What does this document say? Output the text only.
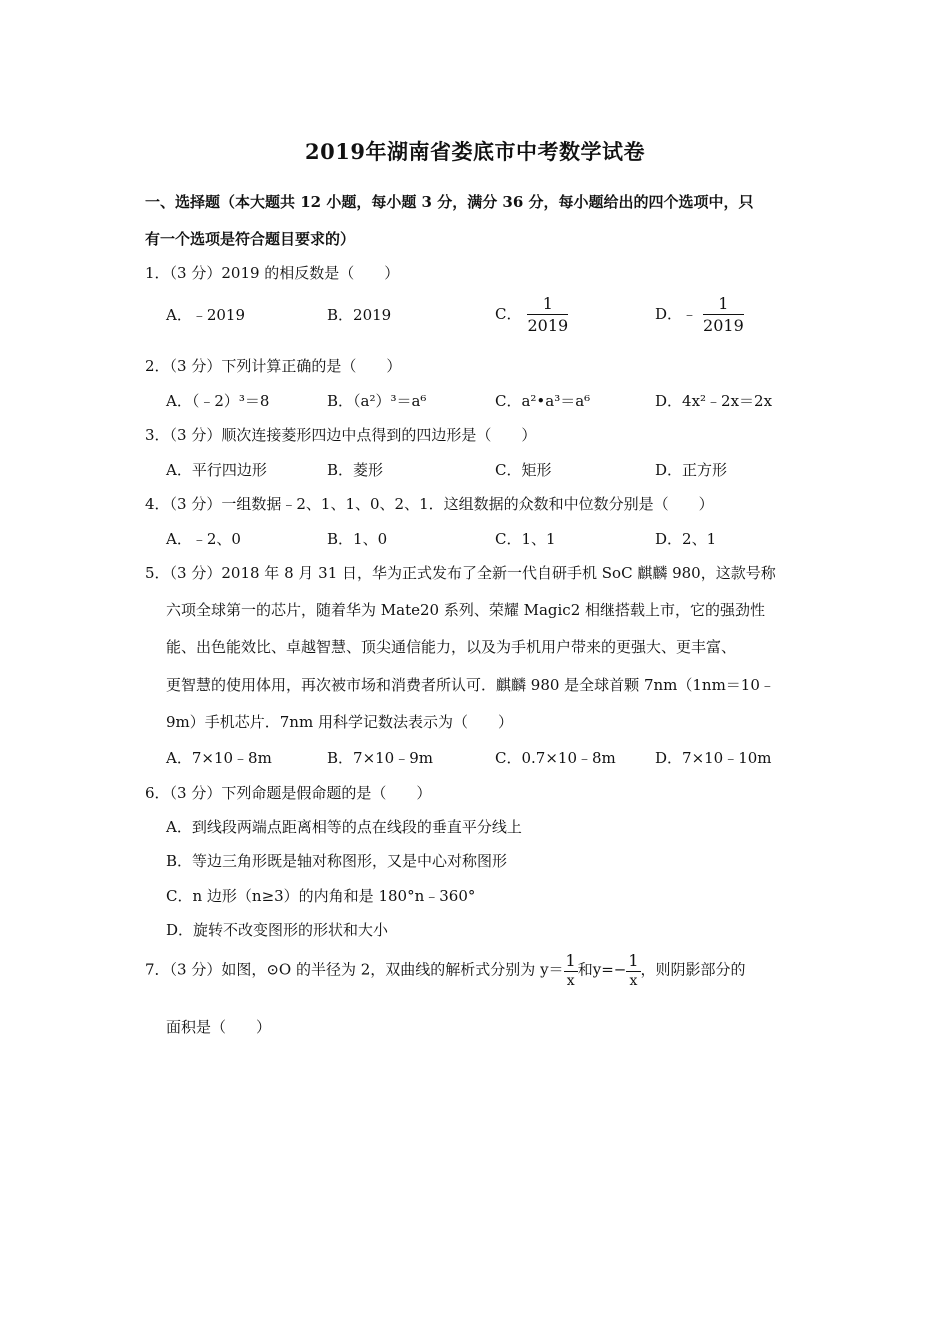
2019年湖南省娄底市中考数学试卷
一、选择题（本大题共 12 小题，每小题 3 分，满分 36 分，每小题给出的四个选项中，只
有一个选项是符合题目要求的）
1．（3 分）2019 的相反数是（　　）
A．﹣2019	B．2019	C． $\frac{1}{2019}$	D．﹣ $\frac{1}{2019}$
2．（3 分）下列计算正确的是（　　）
A．（﹣2）³＝8	B．（a²）³＝a⁶	C．a²•a³＝a⁶	D．4x²﹣2x＝2x
3．（3 分）顺次连接菱形四边中点得到的四边形是（　　）
A．平行四边形	B．菱形	C．矩形	D．正方形
4．（3 分）一组数据﹣2、1、1、0、2、1．这组数据的众数和中位数分别是（　　）
A．﹣2、0	B．1、0	C．1、1	D．2、1
5．（3 分）2018 年 8 月 31 日，华为正式发布了全新一代自研手机 SoC 麒麟 980，这款号称
六项全球第一的芯片，随着华为 Mate20 系列、荣耀 Magic2 相继搭载上市，它的强劲性
能、出色能效比、卓越智慧、顶尖通信能力，以及为手机用户带来的更强大、更丰富、
更智慧的使用体用，再次被市场和消费者所认可．麒麟 980 是全球首颗 7nm（1nm＝10﹣
9m）手机芯片．7nm 用科学记数法表示为（　　）
A．7×10﹣8m	B．7×10﹣9m	C．0.7×10﹣8m	D．7×10﹣10m
6．（3 分）下列命题是假命题的是（　　）
A．到线段两端点距离相等的点在线段的垂直平分线上
B．等边三角形既是轴对称图形，又是中心对称图形
C．n 边形（n≥3）的内角和是 180°n﹣360°
D．旋转不改变图形的形状和大小
7．（3 分）如图，⊙O 的半径为 2，双曲线的解析式分别为 $y= \frac{1}{x}$ 和$y=- \frac{1}{x}$ ，则阴影部分的
面积是（　　）
